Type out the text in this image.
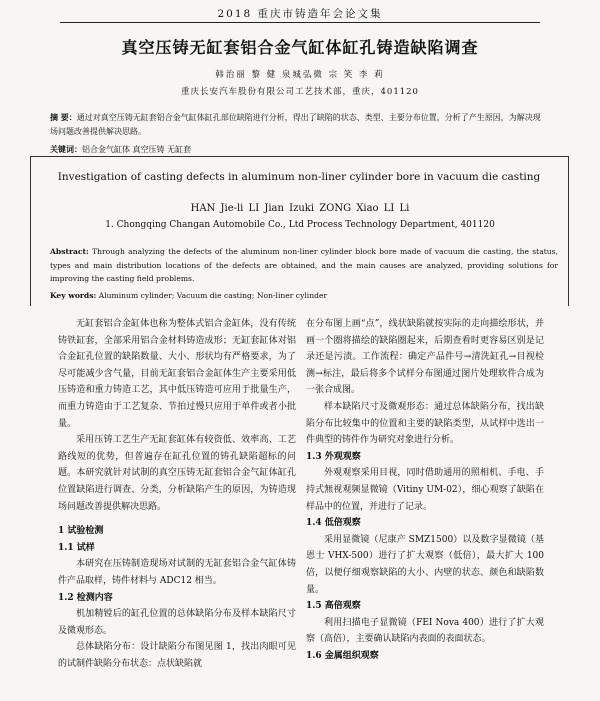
2018 重庆市铸造年会论文集
真空压铸无缸套铝合金气缸体缸孔铸造缺陷调查
韩治丽 黎 健 泉城弘微 宗 笑 李 莉
重庆长安汽车股份有限公司工艺技术部，重庆，401120
摘 要：通过对真空压铸无缸套铝合金气缸体缸孔部位缺陷进行分析，得出了缺陷的状态、类型、主要分布位置，分析了产生原因，为解决现场问题改善提供解决思路。
关键词：铝合金气缸体 真空压铸 无缸套
Investigation of casting defects in aluminum non-liner cylinder bore in vacuum die casting
HAN Jie-li LI Jian Izuki ZONG Xiao LI Li
1. Chongqing Changan Automobile Co., Ltd Process Technology Department, 401120
Abstract: Through analyzing the defects of the aluminum non-liner cylinder block bore made of vacuum die casting, the status, types and main distribution locations of the defects are obtained, and the main causes are analyzed, providing solutions for improving the casting field problems.
Key words: Aluminum cylinder; Vacuum die casting; Non-liner cylinder

无缸套铝合金缸体也称为整体式铝合金缸体，没有传统铸铁缸套，全部采用铝合金材料铸造成形；无缸套缸体对铝合金缸孔位置的缺陷数量、大小、形状均有严格要求，为了尽可能减少含气量，目前无缸套铝合金缸体生产主要采用低压铸造和重力铸造工艺，其中低压铸造可应用于批量生产，而重力铸造由于工艺复杂、节拍过慢只应用于单件或者小批量。

采用压铸工艺生产无缸套缸体有较资低、效率高、工艺路线短的优势，但普遍存在缸孔位置的铸孔缺陷超标的问题。本研究就针对试制的真空压铸无缸套铝合金气缸体缸孔位置缺陷进行调查、分类，分析缺陷产生的原因，为铸造现场问题改善提供解决思路。

1 试验检测

1.1 试样

本研究在压铸制造现场对试制的无缸套铝合金气缸体铸件产品取样，铸件材料与 ADC12 相当。

1.2 检测内容

机加精镗后的缸孔位置的总体缺陷分布及样本缺陷尺寸及微观形态。

总体缺陷分布：设计缺陷分布图见图 1，找出肉眼可见的试制件缺陷分布状态：点状缺陷就

在分布图上画“点”，线状缺陷就按实际的走向描绘形状，并画一个圈将描绘的缺陷圈起来，后期查看时更容易区别是记录还是污渍。工作流程：确定产品件号→清洗缸孔→目视检测→标注，最后将多个试样分布图通过图片处理软件合成为一张合成图。

样本缺陷尺寸及微观形态：通过总体缺陷分布，找出缺陷分布比较集中的位置和主要的缺陷类型，从试样中选出一件典型的铸件作为研究对象进行分析。

1.3 外观观察

外观观察采用目视，同时借助通用的照相机、手电、手持式無视观频显微镜（Vitiny UM-02），细心观察了缺陷在样品中的位置，并进行了记录。

1.4 低倍观察

采用显微镜（尼康产 SMZ1500）以及数字显微镜（基恩士 VHX-500）进行了扩大观察（低倍），最大扩大 100 倍，以便仔细观察缺陷的大小、内壁的状态、颜色和缺陷数量。

1.5 高倍观察

利用扫描电子显微镜（FEI Nova 400）进行了扩大观察（高倍），主要确认缺陷内表面的表面状态。

1.6 金属组织观察
